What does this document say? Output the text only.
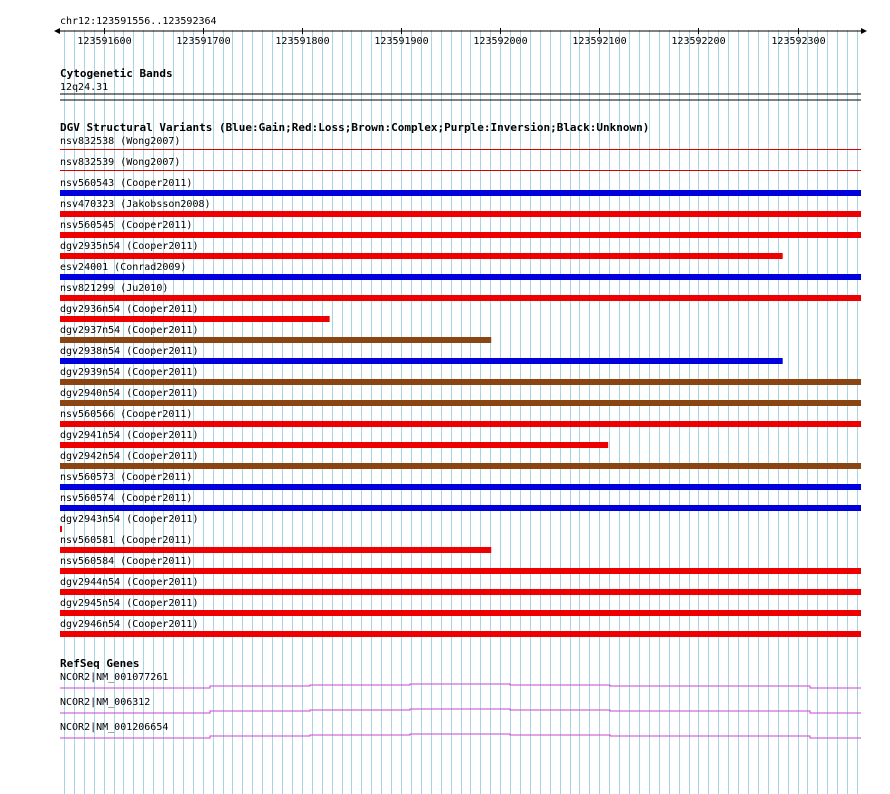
chr12:123591556..123592364
123591600	123591700	123591800	123591900	123592000	123592100	123592200	123592300
Cytogenetic Bands
12q24.31
DGV Structural Variants (Blue:Gain;Red:Loss;Brown:Complex;Purple:Inversion;Black:Unknown)
nsv832538 (Wong2007)
nsv832539 (Wong2007)
nsv560543 (Cooper2011)
nsv470323 (Jakobsson2008)
nsv560545 (Cooper2011)
dgv2935n54 (Cooper2011)
esv24001 (Conrad2009)
nsv821299 (Ju2010)
dgv2936n54 (Cooper2011)
dgv2937n54 (Cooper2011)
dgv2938n54 (Cooper2011)
dgv2939n54 (Cooper2011)
dgv2940n54 (Cooper2011)
nsv560566 (Cooper2011)
dgv2941n54 (Cooper2011)
dgv2942n54 (Cooper2011)
nsv560573 (Cooper2011)
nsv560574 (Cooper2011)
dgv2943n54 (Cooper2011)
nsv560581 (Cooper2011)
nsv560584 (Cooper2011)
dgv2944n54 (Cooper2011)
dgv2945n54 (Cooper2011)
dgv2946n54 (Cooper2011)
RefSeq Genes
NCOR2|NM_001077261
NCOR2|NM_006312
NCOR2|NM_001206654
